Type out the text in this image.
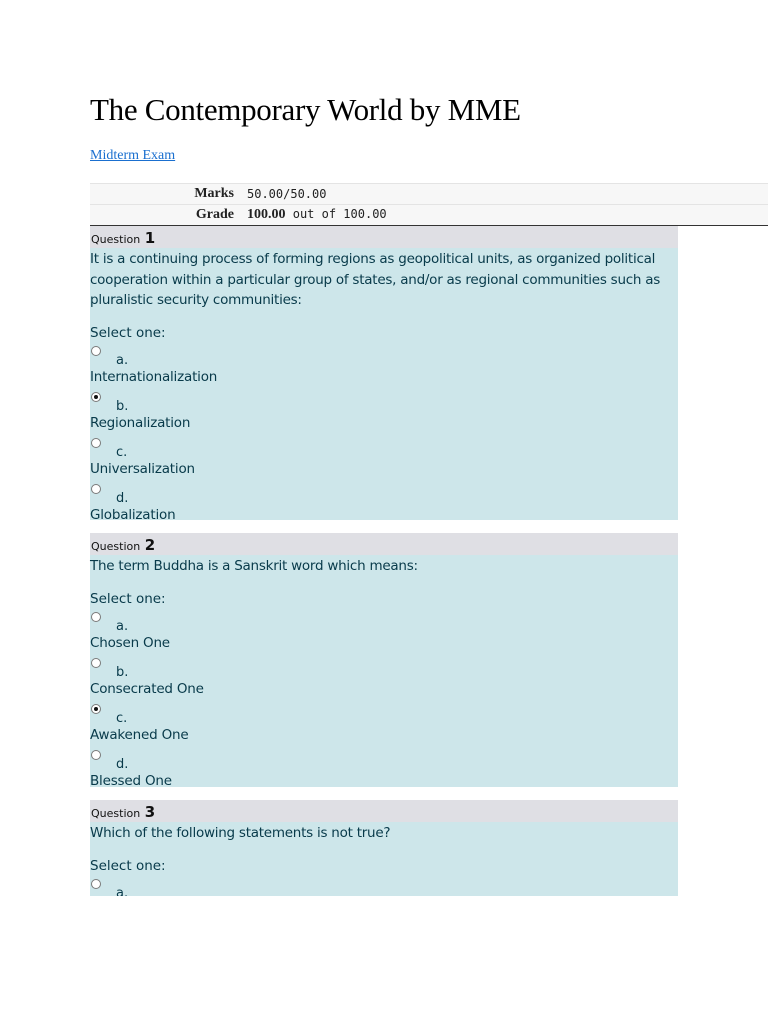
The Contemporary World by MME
Midterm Exam
Marks	50.00/50.00
Grade	100.00 out of 100.00
Question 1
It is a continuing process of forming regions as geopolitical units, as organized political cooperation within a particular group of states, and/or as regional communities such as pluralistic security communities:
Select one:
a.
Internationalization
b.
Regionalization
c.
Universalization
d.
Globalization
Question 2
The term Buddha is a Sanskrit word which means:
Select one:
a.
Chosen One
b.
Consecrated One
c.
Awakened One
d.
Blessed One
Question 3
Which of the following statements is not true?
Select one:
a.
